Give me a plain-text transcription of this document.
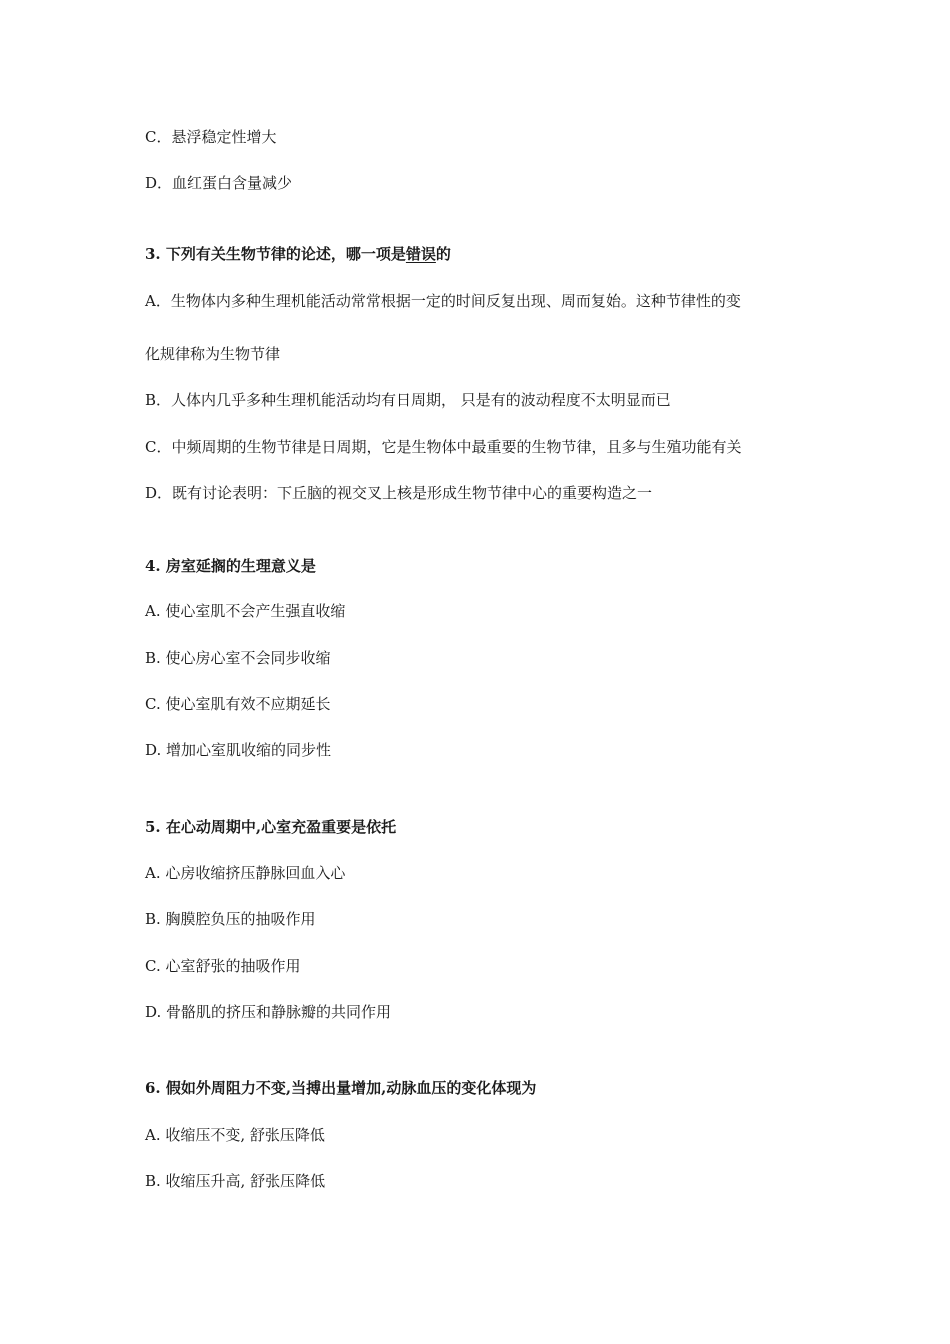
C．悬浮稳定性增大
D．血红蛋白含量减少
3. 下列有关生物节律的论述，哪一项是错误的
A．生物体内多种生理机能活动常常根据一定的时间反复出现、周而复始。这种节律性的变
化规律称为生物节律
B．人体内几乎多种生理机能活动均有日周期， 只是有的波动程度不太明显而已
C．中频周期的生物节律是日周期，它是生物体中最重要的生物节律，且多与生殖功能有关
D．既有讨论表明：下丘脑的视交叉上核是形成生物节律中心的重要构造之一
4. 房室延搁的生理意义是
A. 使心室肌不会产生强直收缩
B. 使心房心室不会同步收缩
C. 使心室肌有效不应期延长
D. 增加心室肌收缩的同步性
5. 在心动周期中,心室充盈重要是依托
A. 心房收缩挤压静脉回血入心
B. 胸膜腔负压的抽吸作用
C. 心室舒张的抽吸作用
D. 骨骼肌的挤压和静脉瓣的共同作用
6. 假如外周阻力不变,当搏出量增加,动脉血压的变化体现为
A. 收缩压不变, 舒张压降低
B. 收缩压升高, 舒张压降低
